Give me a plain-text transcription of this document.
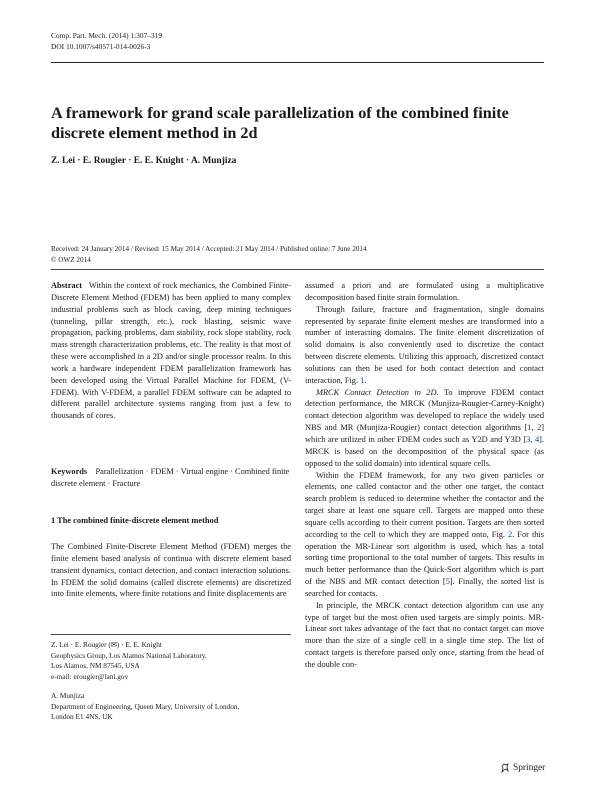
Comp. Part. Mech. (2014) 1:307–319
DOI 10.1007/s40571-014-0026-3
A framework for grand scale parallelization of the combined finite discrete element method in 2d
Z. Lei · E. Rougier · E. E. Knight · A. Munjiza
Received: 24 January 2014 / Revised: 15 May 2014 / Accepted: 21 May 2014 / Published online: 7 June 2014
© OWZ 2014

Abstract Within the context of rock mechanics, the Combined Finite-Discrete Element Method (FDEM) has been applied to many complex industrial problems such as block caving, deep mining techniques (tunneling, pillar strength, etc.), rock blasting, seismic wave propagation, packing problems, dam stability, rock slope stability, rock mass strength characterization problems, etc. The reality is that most of these were accomplished in a 2D and/or single processor realm. In this work a hardware independent FDEM parallelization framework has been developed using the Virtual Parallel Machine for FDEM, (V-FDEM). With V-FDEM, a parallel FDEM software can be adapted to different parallel architecture systems ranging from just a few to thousands of cores.

Keywords Parallelization · FDEM · Virtual engine · Combined finite discrete element · Fracture

1 The combined finite-discrete element method

The Combined Finite-Discrete Element Method (FDEM) merges the finite element based analysis of continua with discrete element based transient dynamics, contact detection, and contact interaction solutions. In FDEM the solid domains (called discrete elements) are discretized into finite elements, where finite rotations and finite displacements are

Z. Lei · E. Rougier (✉) · E. E. Knight
Geophysics Group, Los Alamos National Laboratory,
Los Alamos, NM 87545, USA
e-mail: erougier@lanl.gov

A. Munjiza
Department of Engineering, Queen Mary, University of London,
London E1 4NS, UK

assumed a priori and are formulated using a multiplicative decomposition based finite strain formulation.

Through failure, fracture and fragmentation, single domains represented by separate finite element meshes are transformed into a number of interacting domains. The finite element discretization of solid domains is also conveniently used to discretize the contact between discrete elements. Utilizing this approach, discretized contact solutions can then be used for both contact detection and contact interaction, Fig. 1.

MRCK Contact Detection in 2D. To improve FDEM contact detection performance, the MRCK (Munjiza-Rougier-Carney-Knight) contact detection algorithm was developed to replace the widely used NBS and MR (Munjiza-Rougier) contact detection algorithms [1, 2] which are utilized in other FDEM codes such as Y2D and Y3D [3, 4]. MRCK is based on the decomposition of the physical space (as opposed to the solid domain) into identical square cells.

Within the FDEM framework, for any two given particles or elements, one called contactor and the other one target, the contact search problem is reduced to determine whether the contactor and the target share at least one square cell. Targets are mapped onto these square cells according to their current position. Targets are then sorted according to the cell to which they are mapped onto, Fig. 2. For this operation the MR-Linear sort algorithm is used, which has a total sorting time proportional to the total number of targets. This results in much better performance than the Quick-Sort algorithm which is part of the NBS and MR contact detection [5]. Finally, the sorted list is searched for contacts.

In principle, the MRCK contact detection algorithm can use any type of target but the most often used targets are simply points. MR-Linear sort takes advantage of the fact that no contact target can move more than the size of a single cell in a single time step. The list of contact targets is therefore parsed only once, starting from the head of the double con-

Springer
